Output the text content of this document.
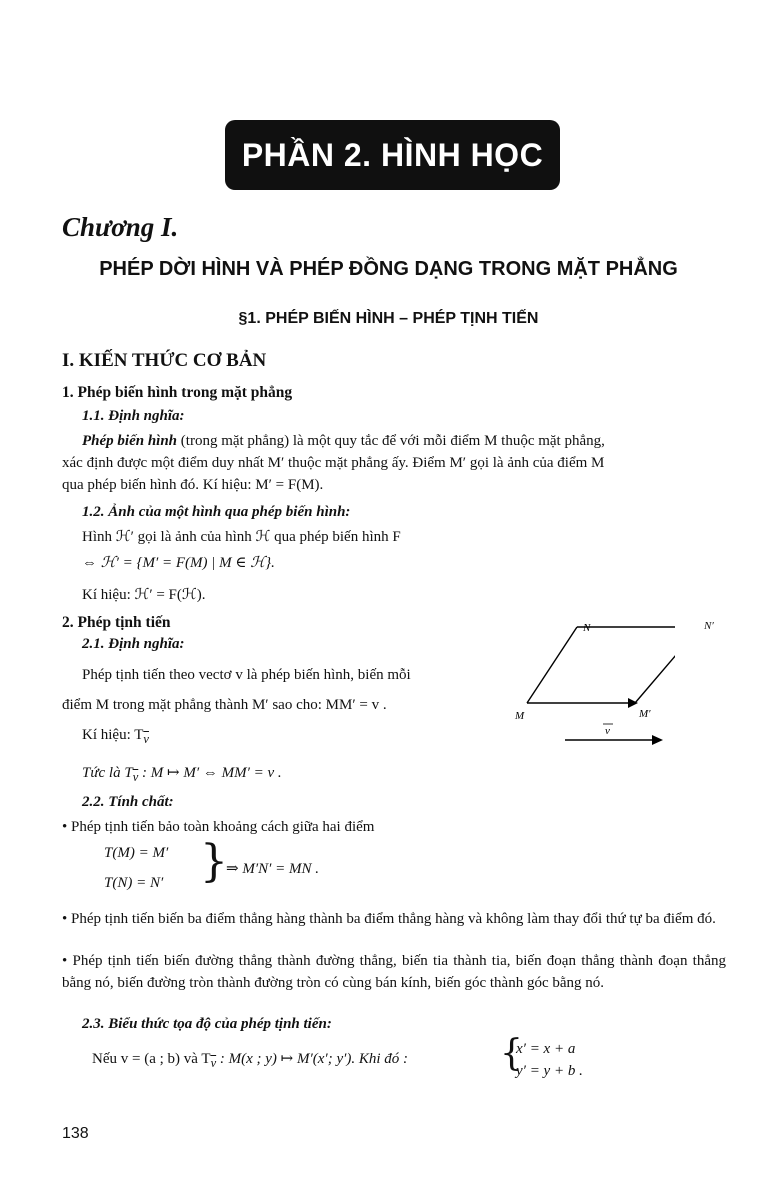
PHẦN 2. HÌNH HỌC
Chương I.
PHÉP DỜI HÌNH VÀ PHÉP ĐỒNG DẠNG TRONG MẶT PHẲNG
§1. PHÉP BIẾN HÌNH – PHÉP TỊNH TIẾN
I. KIẾN THỨC CƠ BẢN
1. Phép biến hình trong mặt phẳng
1.1. Định nghĩa:
Phép biến hình (trong mặt phẳng) là một quy tắc để với mỗi điểm M thuộc mặt phẳng,
xác định được một điểm duy nhất M′ thuộc mặt phẳng ấy. Điểm M′ gọi là ảnh của điểm M
qua phép biến hình đó. Kí hiệu: M′ = F(M).
1.2. Ảnh của một hình qua phép biến hình:
Hình ℋ′ gọi là ảnh của hình ℋ qua phép biến hình F
⇔ ℋ′ = {M′ = F(M) | M ∈ ℋ}.
Kí hiệu: ℋ′ = F(ℋ).
2. Phép tịnh tiến
2.1. Định nghĩa:
Phép tịnh tiến theo vectơ v là phép biến hình, biến mỗi
điểm M trong mặt phẳng thành M′ sao cho: MM′ = v .
Kí hiệu: $T_{\overline{v}}$
Tức là $T_{\overline{v}}$ : M ↦ M′ ⇔ MM′ = v .
N
M	M′
v
N′
2.2. Tính chất:
• Phép tịnh tiến bảo toàn khoảng cách giữa hai điểm
T(M) = M′
T(N) = N′ }
⇒ M′N′ = MN .
• Phép tịnh tiến biến ba điểm thẳng hàng thành ba điểm thẳng hàng và không làm thay đổi thứ tự ba điểm đó.
• Phép tịnh tiến biến đường thẳng thành đường thẳng, biến tia thành tia, biến đoạn thẳng thành đoạn thẳng bằng nó, biến đường tròn thành đường tròn có cùng bán kính, biến góc thành góc bằng nó.
2.3. Biểu thức tọa độ của phép tịnh tiến:
Nếu v = (a ; b) và $T_{\overline{v}}$ : M(x ; y) ↦ M′(x′; y′). Khi đó :	{
x′ = x + a
y′ = y + b .
138
